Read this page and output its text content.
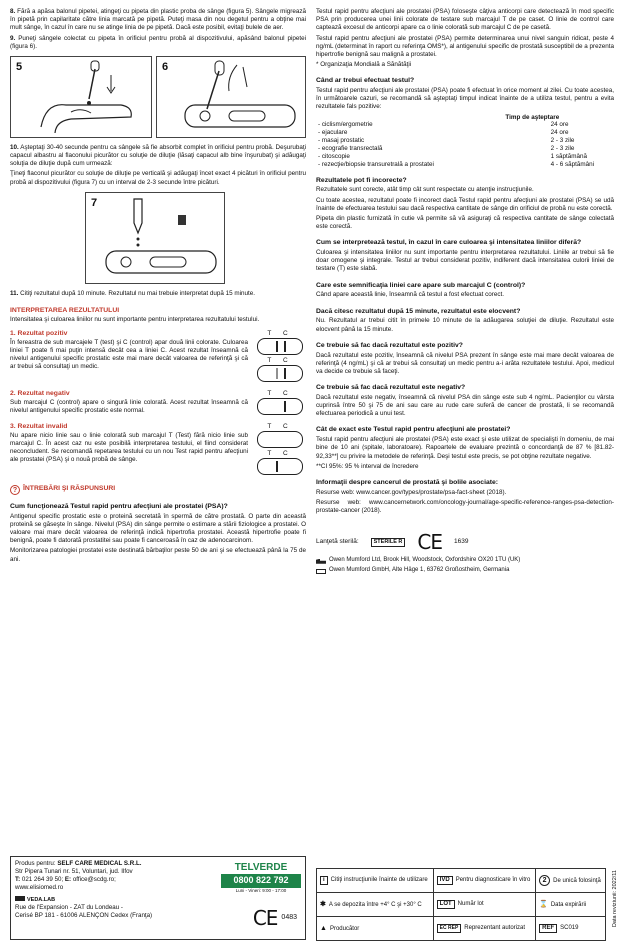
8. Fără a apăsa balonul pipetei, atingeţi cu pipeta din plastic proba de sânge (figura 5). Sângele migrează în pipetă prin capilaritate către linia marcată pe pipetă. Puteţi masa din nou degetul pentru a obţine mai mult sânge, în cazul în care nu se atinge linia de pe pipetă. Dacă este posibil, evitaţi bulele de aer.

9. Puneţi sângele colectat cu pipeta în orificiul pentru probă al dispozitivului, apăsând balonul pipetei (figura 6).

5	6

10. Aşteptaţi 30-40 secunde pentru ca sângele să fie absorbit complet în orificiul pentru probă. Deşurubaţi capacul albastru al flaconului picurător cu soluţie de diluţie (lăsaţi capacul alb bine înşurubat) şi adăugaţi soluţia de diluţie după cum urmează:

Ţineţi flaconul picurător cu soluţie de diluţie pe verticală şi adăugaţi încet exact 4 picături în orificiul pentru probă al dispozitivului (figura 7) cu un interval de 2-3 secunde între picături.

7

11. Citiţi rezultatul după 10 minute. Rezultatul nu mai trebuie interpretat după 15 minute.

INTERPRETAREA REZULTATULUI

Intensitatea şi culoarea liniilor nu sunt importante pentru interpretarea rezultatului testului.

1. Rezultat pozitiv

În fereastra de sub marcajele T (test) şi C (control) apar două linii colorate. Culoarea liniei T poate fi mai puţin intensă decât cea a liniei C. Acest rezultat înseamnă că nivelul antigenului specific prostatic este mai mare decât valoarea de referinţă şi că ar trebui să consultaţi un medic.

T C
T C

2. Rezultat negativ

Sub marcajul C (control) apare o singură linie colorată. Acest rezultat înseamnă că nivelul antigenului specific prostatic este normal.

T C

3. Rezultat invalid

Nu apare nicio linie sau o linie colorată sub marcajul T (Test) fără nicio linie sub marcajul C. În acest caz nu este posibilă interpretarea testului, el fiind considerat neconcludent. Se recomandă repetarea testului cu un nou Test rapid pentru afecţiuni ale prostatei (PSA) şi o nouă probă de sânge.

T C
T C
? ÎNTREBĂRI ŞI RĂSPUNSURI

Cum funcţionează Testul rapid pentru afecţiuni ale prostatei (PSA)?

Antigenul specific prostatic este o proteină secretată în spermă de către prostată. O parte din această proteină se găseşte în sânge. Nivelul (PSA) din sânge permite o estimare a stării fiziologice a prostatei. O valoare mai mare decât valoarea de referinţă indică hipertrofia prostatei. Această hipertrofie poate fi benignă, poate fi datorată prostatitei sau poate fi canceroasă în caz de adenocarcinom.

Monitorizarea patologiei prostatei este destinată bărbaţilor peste 50 de ani şi se efectuează până la 75 de ani.

Testul rapid pentru afecţiuni ale prostatei (PSA) foloseşte câţiva anticorpi care detectează în mod specific PSA prin producerea unei linii colorate de testare sub marcajul T de pe caset. O linie de control care captează excesul de anticorpi apare ca o linie colorată sub marcajul C de pe casetă.

Testul rapid pentru afecţiuni ale prostatei (PSA) permite determinarea unui nivel sanguin ridicat, peste 4 ng/mL (determinat în raport cu referinţa OMS*), al antigenului specific de prostată susceptibil de a prezenta hipertrofie benignă sau malignă a prostatei.

* Organizaţia Mondială a Sănătăţii

Când ar trebui efectuat testul?

Testul rapid pentru afecţiuni ale prostatei (PSA) poate fi efectuat în orice moment al zilei. Cu toate acestea, în următoarele cazuri, se recomandă să aşteptaţi timpul indicat înainte de a utiliza testul, pentru a evita rezultatele fals pozitive:

	Timp de aşteptare
- ciclism/ergometrie	24 ore
- ejaculare	24 ore
- masaj prostatic	2 - 3 zile
- ecografie transrectală	2 - 3 zile
- citoscopie	1 săptămână
- rezecţie/biopsie transuretrală a prostatei	4 - 6 săptămâni

Rezultatele pot fi incorecte?

Rezultatele sunt corecte, atât timp cât sunt respectate cu atenţie instrucţiunile.

Cu toate acestea, rezultatul poate fi incorect dacă Testul rapid pentru afecţiuni ale prostatei (PSA) se udă înainte de efectuarea testului sau dacă respectiva cantitate de sânge din orificiul de probă nu este corectă.

Pipeta din plastic furnizată în cutie vă permite să vă asiguraţi că respectiva cantitate de sânge colectată este corectă.

Cum se interpretează testul, în cazul în care culoarea şi intensitatea liniilor diferă?

Culoarea şi intensitatea liniilor nu sunt importante pentru interpretarea rezultatului. Liniile ar trebui să fie doar omogene şi integrale. Testul ar trebui considerat pozitiv, indiferent dacă intensitatea culorii liniei de testare (T) este slabă.

Care este semnificaţia liniei care apare sub marcajul C (control)?

Când apare această linie, înseamnă că testul a fost efectuat corect.

Dacă citesc rezultatul după 15 minute, rezultatul este elocvent?

Nu. Rezultatul ar trebui citit în primele 10 minute de la adăugarea soluţiei de diluţie. Rezultatul este elocvent până la 15 minute.

Ce trebuie să fac dacă rezultatul este pozitiv?

Dacă rezultatul este pozitiv, înseamnă că nivelul PSA prezent în sânge este mai mare decât valoarea de referinţă (4 ng/mL) şi că ar trebui să consultaţi un medic pentru a-i arăta rezultatele testului. Apoi, medicul va decide ce trebuie să faceţi.

Ce trebuie să fac dacă rezultatul este negativ?

Dacă rezultatul este negativ, înseamnă că nivelul PSA din sânge este sub 4 ng/mL. Pacienţilor cu vârsta cuprinsă între 50 şi 75 de ani sau care au rude care suferă de cancer de prostată, li se recomandă efectuarea periodică a unui test.

Cât de exact este Testul rapid pentru afecţiuni ale prostatei?

Testul rapid pentru afecţiuni ale prostatei (PSA) este exact şi este utilizat de specialişti în domeniu, de mai bine de 10 ani (spitale, laboratoare). Rapoartele de evaluare prezintă o concordanţă de 87 % [81.82- 92,33**] cu privire la metodele de referinţă. Deşi testul este precis, se pot obţine rezultate negative.

**CI 95%: 95 % interval de încredere

Informaţii despre cancerul de prostată şi bolile asociate:

Resurse web: www.cancer.gov/types/prostate/psa-fact-sheet (2018).

Resurse web: www.cancernetwork.com/oncology-journal/age-specific-reference-ranges-psa-detection-prostate-cancer (2018).

Lanţetă sterilă:	STERILE R CE 1639
Owen Mumford Ltd, Brook Hill, Woodstock, Oxfordshire OX20 1TU (UK)
Owen Mumford GmbH, Alte Häge 1, 63762 Großostheim, Germania

Produs pentru: SELF CARE MEDICAL S.R.L.

Str Pipera Tunari nr. 51, Voluntari, jud. Ilfov

T: 021 264 39 50; E: office@scdg.ro;

www.elisiomed.ro

TELVERDE
0800 822 792
Luni - Vineri: 9:00 - 17:00

VEDA.LAB

Rue de l'Expansion - ZAT du Londeau -

Cerisé BP 181 - 61006 ALENÇON Cedex (Franţa)	CE 0483
i Citiţi instrucţiunile înainte de utilizare	IVD Pentru diagnosticare în vitro	2 De unică folosinţă
✱ A se depozita între +4° C şi +30° C	LOT Număr lot	⌛ Data expirării
▲ Producător	EC REP Reprezentant autorizat	REF SC019
Data reviziunii: 2022/11
